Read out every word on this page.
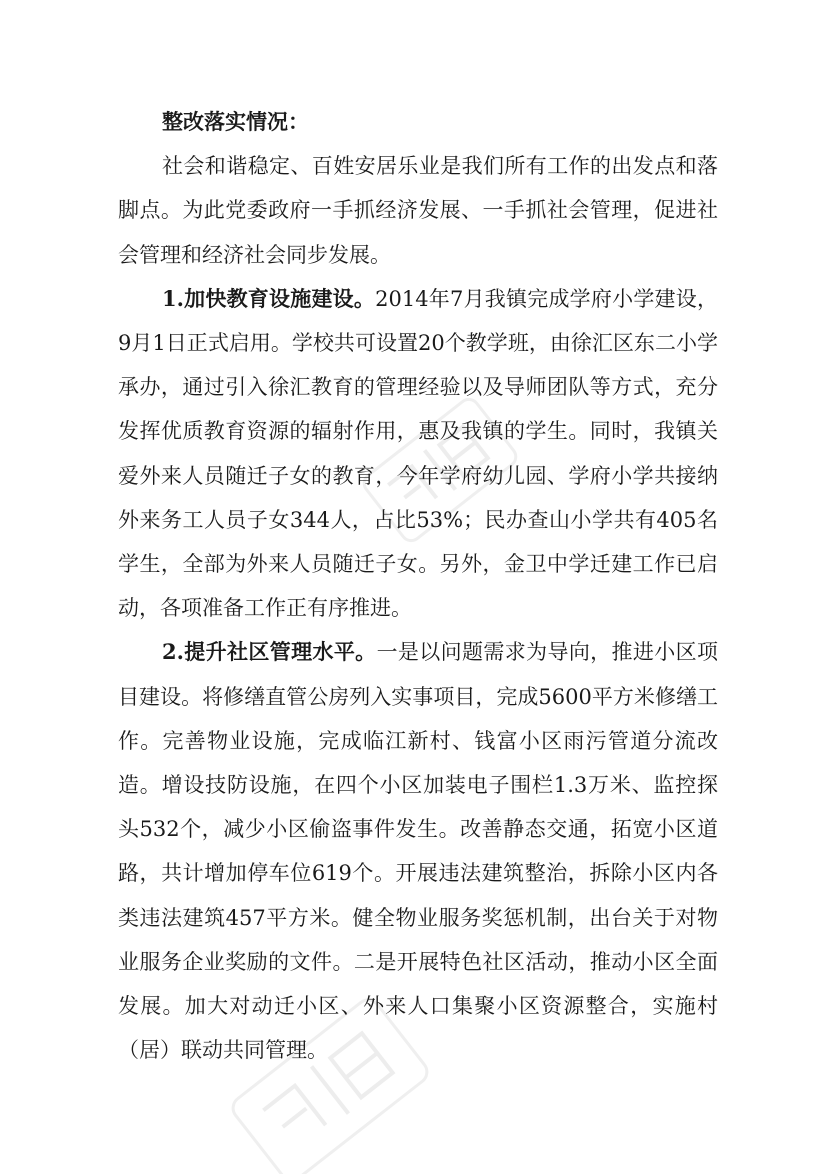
整改落实情况：

社会和谐稳定、百姓安居乐业是我们所有工作的出发点和落脚点。为此党委政府一手抓经济发展、一手抓社会管理，促进社会管理和经济社会同步发展。

1.加快教育设施建设。2014年7月我镇完成学府小学建设，9月1日正式启用。学校共可设置20个教学班，由徐汇区东二小学承办，通过引入徐汇教育的管理经验以及导师团队等方式，充分发挥优质教育资源的辐射作用，惠及我镇的学生。同时，我镇关爱外来人员随迁子女的教育，今年学府幼儿园、学府小学共接纳外来务工人员子女344人，占比53%；民办查山小学共有405名学生，全部为外来人员随迁子女。另外，金卫中学迁建工作已启动，各项准备工作正有序推进。

2.提升社区管理水平。一是以问题需求为导向，推进小区项目建设。将修缮直管公房列入实事项目，完成5600平方米修缮工作。完善物业设施，完成临江新村、钱富小区雨污管道分流改造。增设技防设施，在四个小区加装电子围栏1.3万米、监控探头532个，减少小区偷盗事件发生。改善静态交通，拓宽小区道路，共计增加停车位619个。开展违法建筑整治，拆除小区内各类违法建筑457平方米。健全物业服务奖惩机制，出台关于对物业服务企业奖励的文件。二是开展特色社区活动，推动小区全面发展。加大对动迁小区、外来人口集聚小区资源整合，实施村（居）联动共同管理。
